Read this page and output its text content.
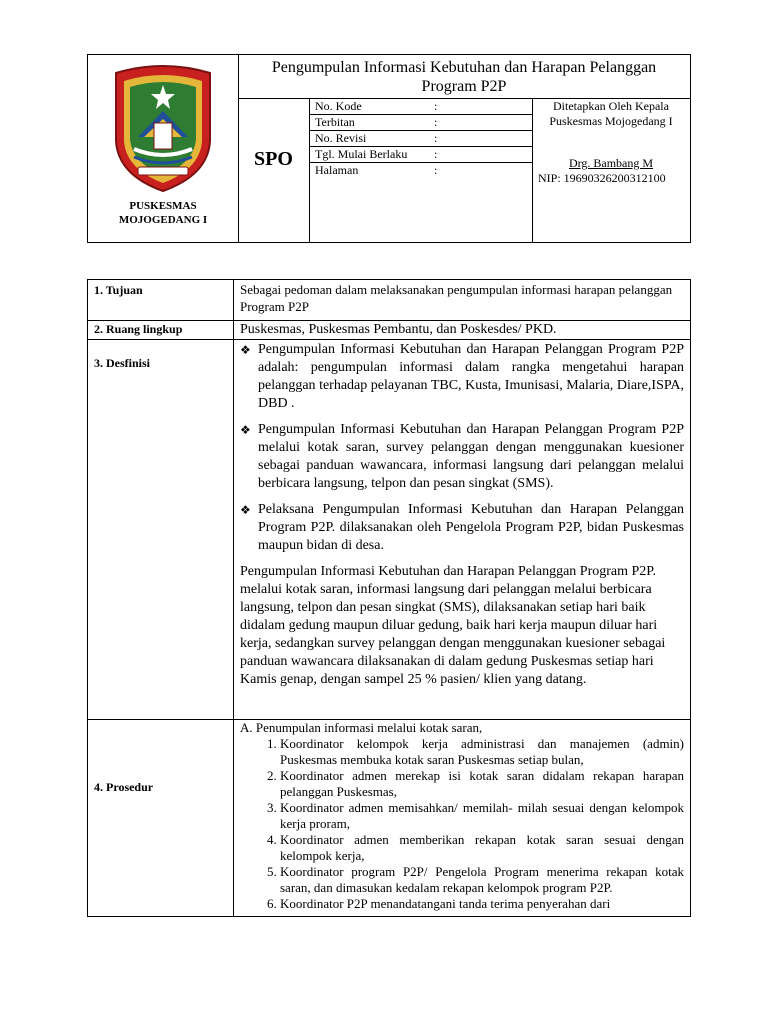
PUSKESMAS
MOJOGEDANG I
Pengumpulan Informasi Kebutuhan dan Harapan Pelanggan
Program P2P
SPO
No. Kode	:
Terbitan	:
No. Revisi	:
Tgl. Mulai Berlaku :
Halaman	:
Ditetapkan Oleh Kepala
Puskesmas Mojogedang I
Drg. Bambang M
NIP: 19690326200312100
1. Tujuan	Sebagai pedoman dalam melaksanakan pengumpulan informasi harapan pelanggan Program P2P
2. Ruang lingkup	Puskesmas, Puskesmas Pembantu, dan Poskesdes/ PKD.
3. Desfinisi
❖ Pengumpulan Informasi Kebutuhan dan Harapan Pelanggan Program P2P adalah: pengumpulan informasi dalam rangka mengetahui harapan pelanggan terhadap pelayanan TBC, Kusta, Imunisasi, Malaria, Diare,ISPA, DBD .
❖ Pengumpulan Informasi Kebutuhan dan Harapan Pelanggan Program P2P melalui kotak saran, survey pelanggan dengan menggunakan kuesioner sebagai panduan wawancara, informasi langsung dari pelanggan melalui berbicara langsung, telpon dan pesan singkat (SMS).
❖ Pelaksana Pengumpulan Informasi Kebutuhan dan Harapan Pelanggan Program P2P. dilaksanakan oleh Pengelola Program P2P, bidan Puskesmas maupun bidan di desa.
Pengumpulan Informasi Kebutuhan dan Harapan Pelanggan Program P2P. melalui kotak saran, informasi langsung dari pelanggan melalui berbicara langsung, telpon dan pesan singkat (SMS), dilaksanakan setiap hari baik didalam gedung maupun diluar gedung, baik hari kerja maupun diluar hari kerja, sedangkan survey pelanggan dengan menggunakan kuesioner sebagai panduan wawancara dilaksanakan di dalam gedung Puskesmas setiap hari Kamis genap, dengan sampel 25 % pasien/ klien yang datang.
4. Prosedur
A. Penumpulan informasi melalui kotak saran,
1. Koordinator kelompok kerja administrasi dan manajemen (admin) Puskesmas membuka kotak saran Puskesmas setiap bulan,
2. Koordinator admen merekap isi kotak saran didalam rekapan harapan pelanggan Puskesmas,
3. Koordinator admen memisahkan/ memilah- milah sesuai dengan kelompok kerja proram,
4. Koordinator admen memberikan rekapan kotak saran sesuai dengan kelompok kerja,
5. Koordinator program P2P/ Pengelola Program menerima rekapan kotak saran, dan dimasukan kedalam rekapan kelompok program P2P.
6. Koordinator P2P menandatangani tanda terima penyerahan dari
